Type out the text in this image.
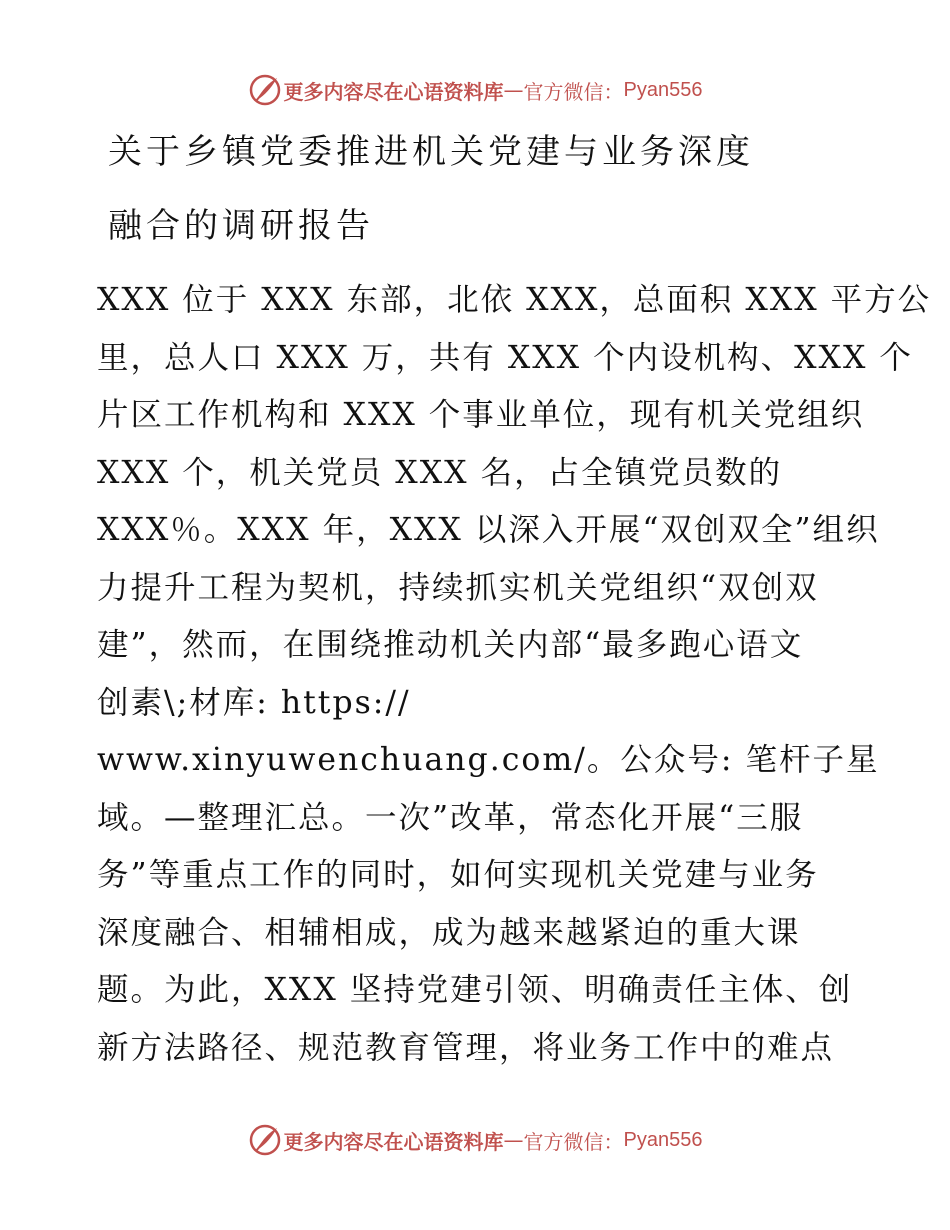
更多内容尽在心语资料库 — 官方微信： Pyan556
关于乡镇党委推进机关党建与业务深度
融合的调研报告
XXX 位于 XXX 东部，北依 XXX，总面积 XXX 平方公
里，总人口 XXX 万，共有 XXX 个内设机构、XXX 个
片区工作机构和 XXX 个事业单位，现有机关党组织
XXX 个，机关党员 XXX 名，占全镇党员数的
XXX％。XXX 年，XXX 以深入开展“双创双全”组织
力提升工程为契机，持续抓实机关党组织“双创双
建”，然而，在围绕推动机关内部“最多跑心语文
创素\;材库: https://
www.xinyuwenchuang.com/。公众号: 笔杆子星
域。—整理汇总。一次”改革，常态化开展“三服
务”等重点工作的同时，如何实现机关党建与业务
深度融合、相辅相成，成为越来越紧迫的重大课
题。为此，XXX 坚持党建引领、明确责任主体、创
新方法路径、规范教育管理，将业务工作中的难点
更多内容尽在心语资料库 — 官方微信： Pyan556
